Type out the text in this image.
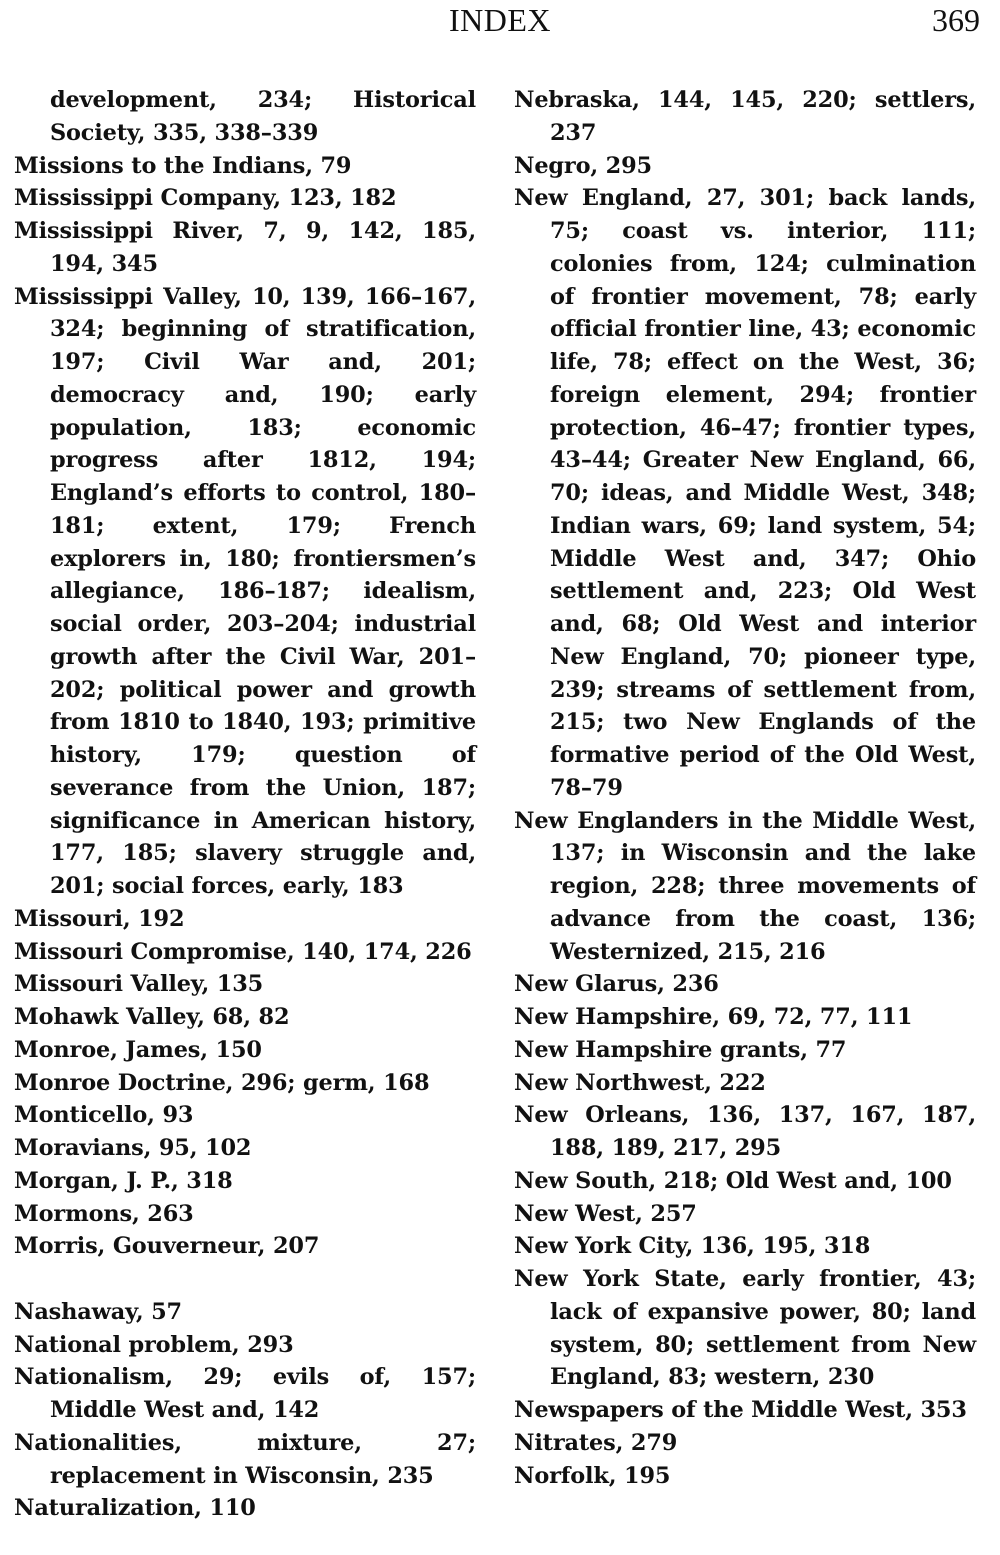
INDEX	369
development, 234; Historical Society, 335, 338–339
Missions to the Indians, 79
Mississippi Company, 123, 182
Mississippi River, 7, 9, 142, 185, 194, 345
Mississippi Valley, 10, 139, 166–167, 324; beginning of stratification, 197; Civil War and, 201; democracy and, 190; early population, 183; economic progress after 1812, 194; England’s efforts to control, 180–181; extent, 179; French explorers in, 180; frontiersmen’s allegiance, 186–187; idealism, social order, 203–204; industrial growth after the Civil War, 201–202; political power and growth from 1810 to 1840, 193; primitive history, 179; question of severance from the Union, 187; significance in American history, 177, 185; slavery struggle and, 201; social forces, early, 183
Missouri, 192
Missouri Compromise, 140, 174, 226
Missouri Valley, 135
Mohawk Valley, 68, 82
Monroe, James, 150
Monroe Doctrine, 296; germ, 168
Monticello, 93
Moravians, 95, 102
Morgan, J. P., 318
Mormons, 263
Morris, Gouverneur, 207
Nashaway, 57
National problem, 293
Nationalism, 29; evils of, 157; Middle West and, 142
Nationalities, mixture, 27; replacement in Wisconsin, 235
Naturalization, 110
Nebraska, 144, 145, 220; settlers, 237
Negro, 295
New England, 27, 301; back lands, 75; coast vs. interior, 111; colonies from, 124; culmination of frontier movement, 78; early official frontier line, 43; economic life, 78; effect on the West, 36; foreign element, 294; frontier protection, 46–47; frontier types, 43–44; Greater New England, 66, 70; ideas, and Middle West, 348; Indian wars, 69; land system, 54; Middle West and, 347; Ohio settlement and, 223; Old West and, 68; Old West and interior New England, 70; pioneer type, 239; streams of settlement from, 215; two New Englands of the formative period of the Old West, 78–79
New Englanders in the Middle West, 137; in Wisconsin and the lake region, 228; three movements of advance from the coast, 136; Westernized, 215, 216
New Glarus, 236
New Hampshire, 69, 72, 77, 111
New Hampshire grants, 77
New Northwest, 222
New Orleans, 136, 137, 167, 187, 188, 189, 217, 295
New South, 218; Old West and, 100
New West, 257
New York City, 136, 195, 318
New York State, early frontier, 43; lack of expansive power, 80; land system, 80; settlement from New England, 83; western, 230
Newspapers of the Middle West, 353
Nitrates, 279
Norfolk, 195
